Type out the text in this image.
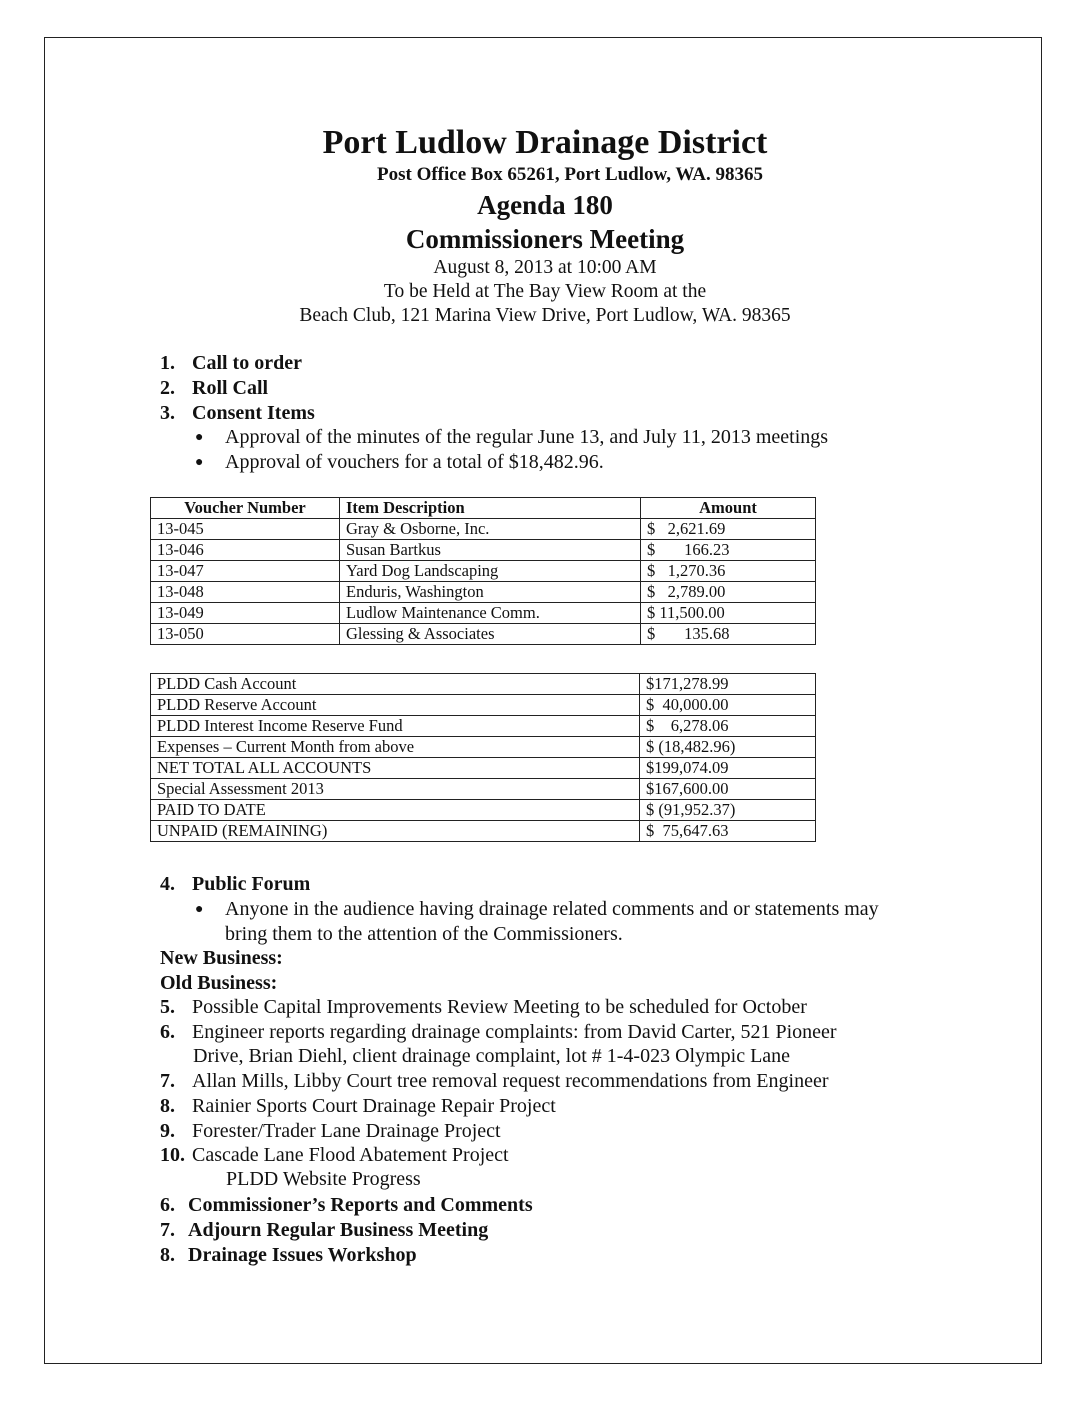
Port Ludlow Drainage District
Post Office Box 65261, Port Ludlow, WA. 98365
Agenda 180
Commissioners Meeting
August 8, 2013 at 10:00 AM
To be Held at The Bay View Room at the
Beach Club, 121 Marina View Drive, Port Ludlow, WA. 98365
1. Call to order
2. Roll Call
3. Consent Items
● Approval of the minutes of the regular June 13, and July 11, 2013 meetings
● Approval of vouchers for a total of $18,482.96.
Voucher Number	Item Description	Amount
13-045	Gray & Osborne, Inc.	$   2,621.69
13-046	Susan Bartkus	$       166.23
13-047	Yard Dog Landscaping	$   1,270.36
13-048	Enduris, Washington	$   2,789.00
13-049	Ludlow Maintenance Comm.	$ 11,500.00
13-050	Glessing & Associates	$       135.68
PLDD Cash Account	$171,278.99
PLDD Reserve Account	$  40,000.00
PLDD Interest Income Reserve Fund	$    6,278.06
Expenses – Current Month from above	$ (18,482.96)
NET TOTAL ALL ACCOUNTS	$199,074.09
Special Assessment 2013	$167,600.00
PAID TO DATE	$ (91,952.37)
UNPAID (REMAINING)	$  75,647.63
4. Public Forum
● Anyone in the audience having drainage related comments and or statements may
bring them to the attention of the Commissioners.
New Business:
Old Business:
5. Possible Capital Improvements Review Meeting to be scheduled for October
6. Engineer reports regarding drainage complaints: from David Carter, 521 Pioneer
Drive, Brian Diehl, client drainage complaint, lot # 1-4-023 Olympic Lane
7. Allan Mills, Libby Court tree removal request recommendations from Engineer
8. Rainier Sports Court Drainage Repair Project
9. Forester/Trader Lane Drainage Project
10. Cascade Lane Flood Abatement Project
PLDD Website Progress
6. Commissioner’s Reports and Comments
7. Adjourn Regular Business Meeting
8. Drainage Issues Workshop
